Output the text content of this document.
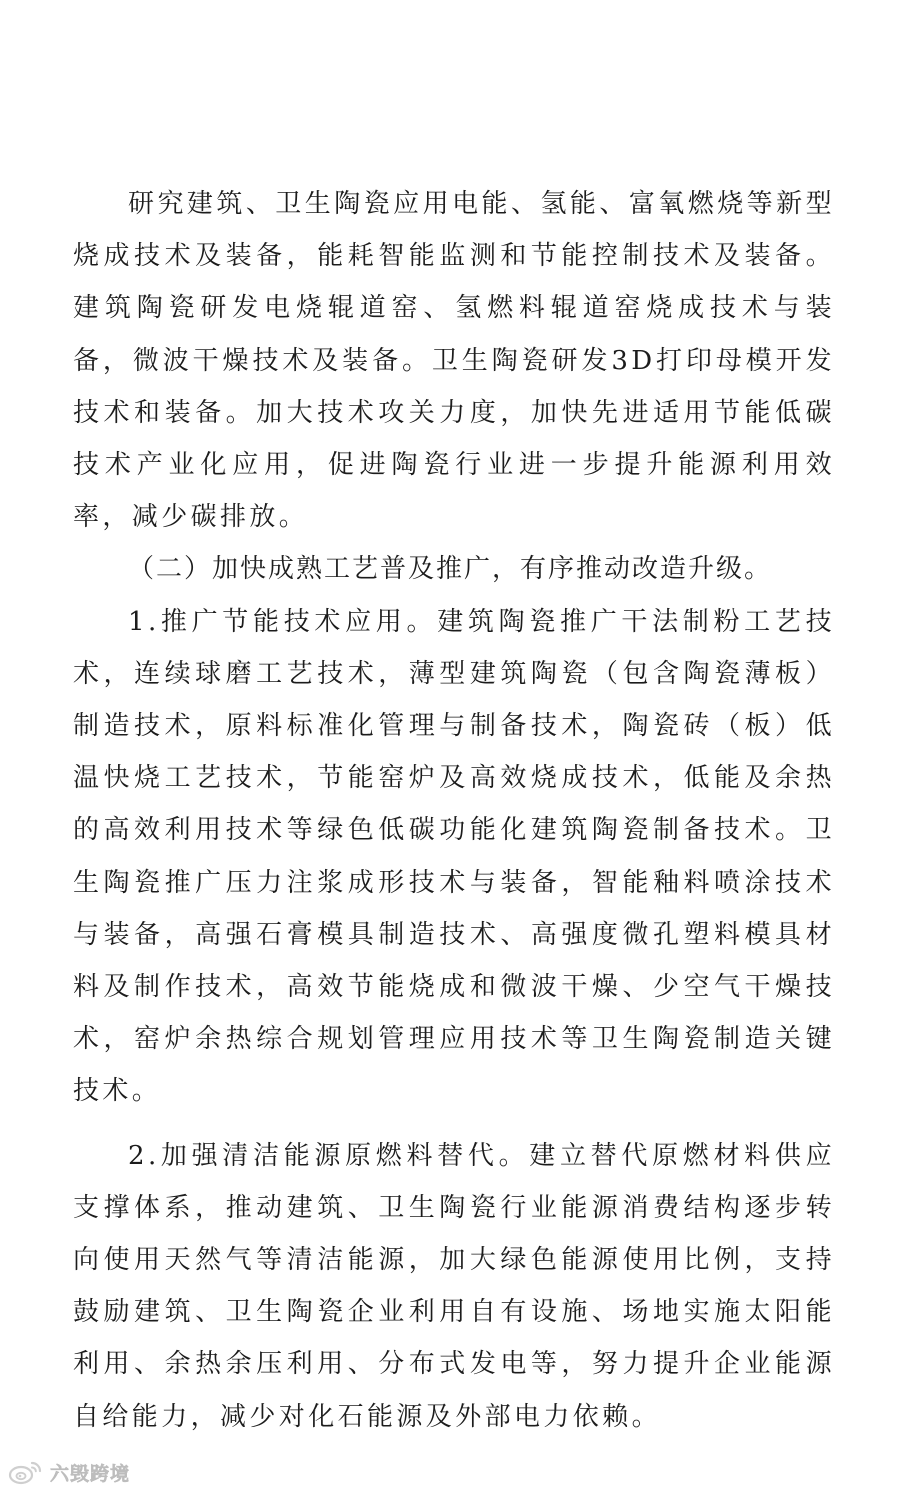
研究建筑、卫生陶瓷应用电能、氢能、富氧燃烧等新型烧成技术及装备，能耗智能监测和节能控制技术及装备。建筑陶瓷研发电烧辊道窑、氢燃料辊道窑烧成技术与装备，微波干燥技术及装备。卫生陶瓷研发3D打印母模开发技术和装备。加大技术攻关力度，加快先进适用节能低碳技术产业化应用，促进陶瓷行业进一步提升能源利用效率，减少碳排放。

（二）加快成熟工艺普及推广，有序推动改造升级。

1.推广节能技术应用。建筑陶瓷推广干法制粉工艺技术，连续球磨工艺技术，薄型建筑陶瓷（包含陶瓷薄板）制造技术，原料标准化管理与制备技术，陶瓷砖（板）低温快烧工艺技术，节能窑炉及高效烧成技术，低能及余热的高效利用技术等绿色低碳功能化建筑陶瓷制备技术。卫生陶瓷推广压力注浆成形技术与装备，智能釉料喷涂技术与装备，高强石膏模具制造技术、高强度微孔塑料模具材料及制作技术，高效节能烧成和微波干燥、少空气干燥技术，窑炉余热综合规划管理应用技术等卫生陶瓷制造关键技术。

2.加强清洁能源原燃料替代。建立替代原燃材料供应支撑体系，推动建筑、卫生陶瓷行业能源消费结构逐步转向使用天然气等清洁能源，加大绿色能源使用比例，支持鼓励建筑、卫生陶瓷企业利用自有设施、场地实施太阳能利用、余热余压利用、分布式发电等，努力提升企业能源自给能力，减少对化石能源及外部电力依赖。

六毁跨境
